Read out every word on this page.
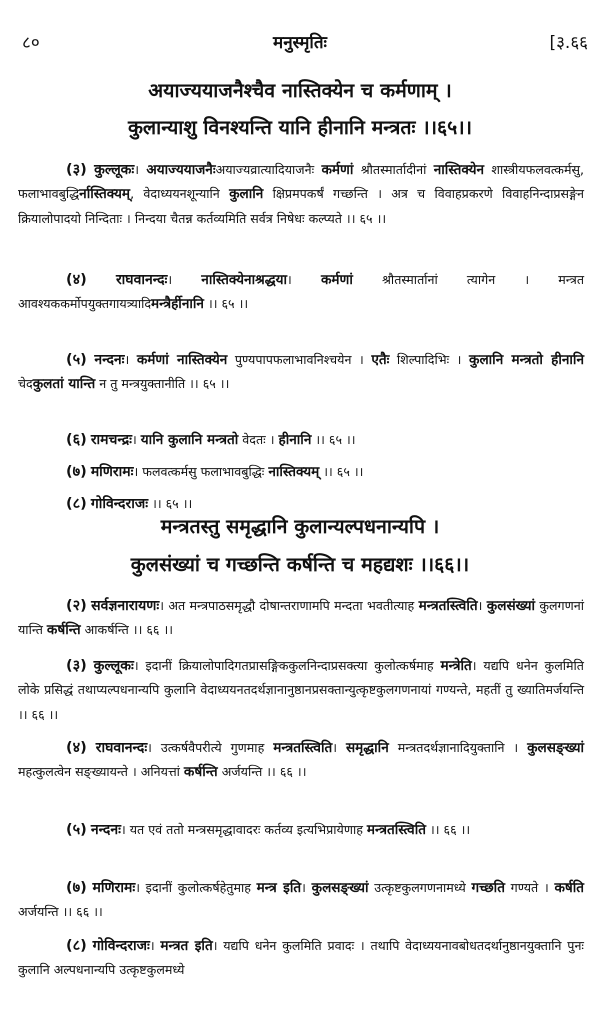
८०	मनुस्मृतिः	[३.६६
अयाज्ययाजनैश्चैव नास्तिक्येन च कर्मणाम् ।
कुलान्याशु विनश्यन्ति यानि हीनानि मन्त्रतः ।।६५।।

(३) कुल्लूकः। अयाज्ययाजनैःअयाज्यव्रात्यादियाजनैः कर्मणां श्रौतस्मार्तादीनां नास्तिक्येन शास्त्रीयफलवत्कर्मसु, फलाभावबुद्धिर्नास्तिक्यम्, वेदाध्ययनशून्यानि कुलानि क्षिप्रमपकर्षं गच्छन्ति । अत्र च विवाहप्रकरणे विवाहनिन्दाप्रसङ्गेन क्रियालोपादयो निन्दिताः । निन्दया चैतन्न कर्तव्यमिति सर्वत्र निषेधः कल्प्यते ।। ६५ ।।

(४) राघवानन्दः। नास्तिक्येनाश्रद्धया। कर्मणां श्रौतस्मार्तानां त्यागेन । मन्त्रत आवश्यककर्मोपयुक्तगायत्र्यादिमन्त्रैर्हीनानि ।। ६५ ।।

(५) नन्दनः। कर्मणां नास्तिक्येन पुण्यपापफलाभावनिश्चयेन । एतैः शिल्पादिभिः । कुलानि मन्त्रतो हीनानि चेदकुलतां यान्ति न तु मन्त्रयुक्तानीति ।। ६५ ।।

(६) रामचन्द्रः। यानि कुलानि मन्त्रतो वेदतः । हीनानि ।। ६५ ।।

(७) मणिरामः। फलवत्कर्मसु फलाभावबुद्धिः नास्तिक्यम् ।। ६५ ।।

(८) गोविन्दराजः ।। ६५ ।।

मन्त्रतस्तु समृद्धानि कुलान्यल्पधनान्यपि ।
कुलसंख्यां च गच्छन्ति कर्षन्ति च महद्यशः ।।६६।।

(२) सर्वज्ञनारायणः। अत मन्त्रपाठसमृद्धौ दोषान्तराणामपि मन्दता भवतीत्याह मन्त्रतस्त्विति। कुलसंख्यां कुलगणनां यान्ति कर्षन्ति आकर्षन्ति ।। ६६ ।।

(३) कुल्लूकः। इदानीं क्रियालोपादिगतप्रासङ्गिककुलनिन्दाप्रसक्त्या कुलोत्कर्षमाह मन्त्रेति। यद्यपि धनेन कुलमिति लोके प्रसिद्धं तथाप्यल्पधनान्यपि कुलानि वेदाध्ययनतदर्थज्ञानानुष्ठानप्रसक्तान्युत्कृष्टकुलगणनायां गण्यन्ते, महतीं तु ख्यातिमर्जयन्ति ।। ६६ ।।

(४) राघवानन्दः। उत्कर्षवैपरीत्ये गुणमाह मन्त्रतस्त्विति। समृद्धानि मन्त्रतदर्थज्ञानादियुक्तानि । कुलसङ्ख्यां महत्कुलत्वेन सङ्ख्यायन्ते । अनियत्तां कर्षन्ति अर्जयन्ति ।। ६६ ।।

(५) नन्दनः। यत एवं ततो मन्त्रसमृद्धावादरः कर्तव्य इत्यभिप्रायेणाह मन्त्रतस्त्विति ।। ६६ ।।

(७) मणिरामः। इदानीं कुलोत्कर्षहेतुमाह मन्त्र इति। कुलसङ्ख्यां उत्कृष्टकुलगणनामध्ये गच्छति गण्यते । कर्षति अर्जयन्ति ।। ६६ ।।

(८) गोविन्दराजः। मन्त्रत इति। यद्यपि धनेन कुलमिति प्रवादः । तथापि वेदाध्ययनावबोधतदर्थानुष्ठानयुक्तानि पुनः कुलानि अल्पधनान्यपि उत्कृष्टकुलमध्ये
